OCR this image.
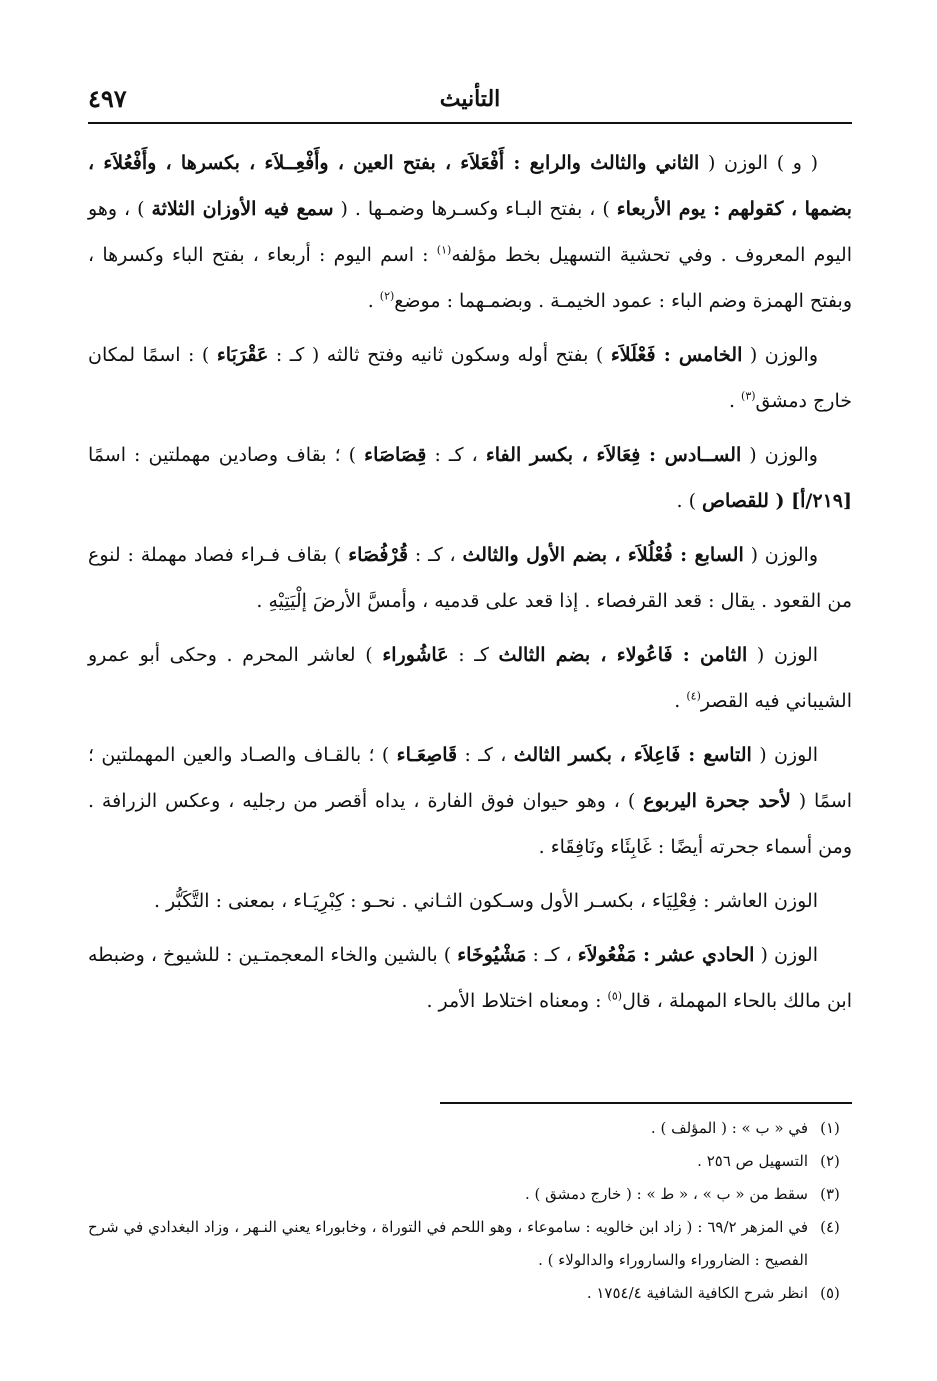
التأنيث
٤٩٧

( و ) الوزن ( الثاني والثالث والرابع : أَفْعَلاَء ، بفتح العين ، وأَفْعِــلاَء ، بكسرها ، وأَفْعُلاَء ، بضمها ، كقولهم : يوم الأربعاء ) ، بفتح البـاء وكسـرها وضمـها . ( سمع فيه الأوزان الثلاثة ) ، وهو اليوم المعروف . وفي تحشية التسهيل بخط مؤلفه$^{(١)}$ : اسم اليوم : أربعاء ، بفتح الباء وكسرها ، وبفتح الهمزة وضم الباء : عمود الخيمـة . وبضمـهما : موضع$^{(٢)}$ .

والوزن ( الخامس : فَعْلَلاَء ) بفتح أوله وسكون ثانيه وفتح ثالثه ( كـ : عَقْرَبَاء ) : اسمًا لمكان خارج دمشق$^{(٣)}$ .

والوزن ( الســادس : فِعَالاَء ، بكسر الفاء ، كـ : قِصَاصَاء ) ؛ بقاف وصادين مهملتين : اسمًا [٢١٩/أ] ( للقصاص ) .

والوزن ( السابع : فُعْلُلاَء ، بضم الأول والثالث ، كـ : قُرْفُصَاء ) بقاف فـراء فصاد مهملة : لنوع من القعود . يقال : قعد القرفصاء . إذا قعد على قدميه ، وأمسَّ الأرضَ إلْيَتِيْهِ .

الوزن ( الثامن : فَاعُولاء ، بضم الثالث كـ : عَاشُوراء ) لعاشر المحرم . وحكى أبو عمرو الشيباني فيه القصر$^{(٤)}$ .

الوزن ( التاسع : فَاعِلاَء ، بكسر الثالث ، كـ : قَاصِعَـاء ) ؛ بالقـاف والصـاد والعين المهملتين ؛ اسمًا ( لأحد جحرة اليربوع ) ، وهو حيوان فوق الفارة ، يداه أقصر من رجليه ، وعكس الزرافة . ومن أسماء جحرته أيضًا : غَابِئَاء ونَافِقَاء .

الوزن العاشر : فِعْلِيَاء ، بكسـر الأول وسـكون الثـاني . نحـو : كِبْرِيَـاء ، بمعنى : التَّكَبُّر .

الوزن ( الحادي عشر : مَفْعُولاَء ، كـ : مَشْيُوخَاء ) بالشين والخاء المعجمتـين : للشيوخ ، وضبطه ابن مالك بالحاء المهملة ، قال$^{(٥)}$ : ومعناه اختلاط الأمر .

(١)
في « ب » : ( المؤلف ) .
(٢)
التسهيل ص ٢٥٦ .
(٣)
سقط من « ب » ، « ط » : ( خارج دمشق ) .
(٤)
في المزهر ٦٩/٢ : ( زاد ابن خالويه : ساموعاء ، وهو اللحم في التوراة ، وخابوراء يعني النـهر ، وزاد البغدادي في شرح الفصيح : الضاروراء والساروراء والدالولاء ) .
(٥)
انظر شرح الكافية الشافية ١٧٥٤/٤ .
